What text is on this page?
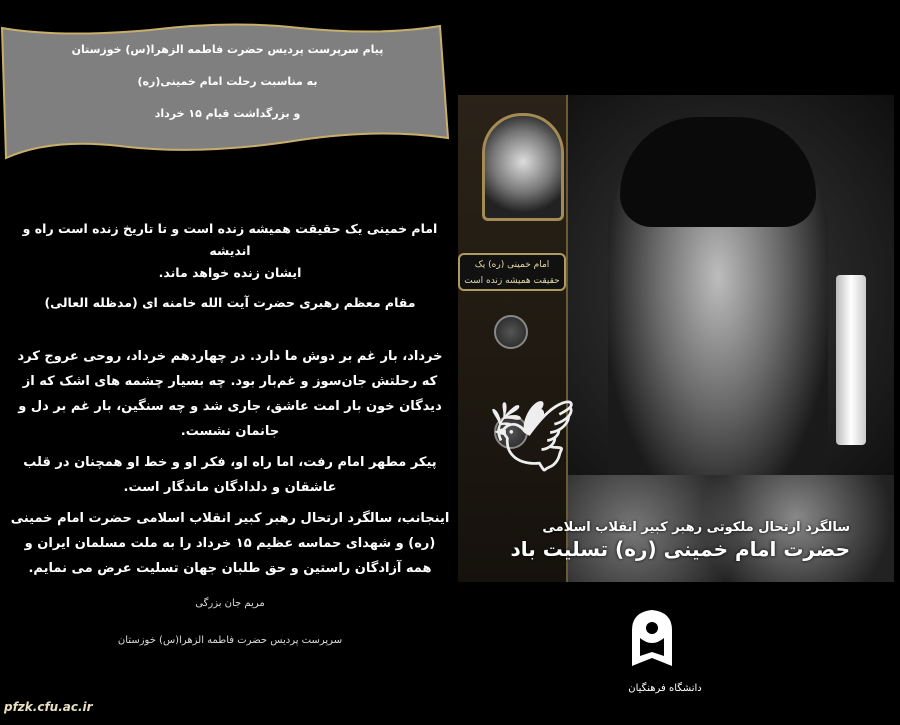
پیام سرپرست پردیس حضرت فاطمه الزهرا(س) خوزستان
به مناسبت رحلت امام خمینی(ره)
و بزرگداشت قیام ۱۵ خرداد
امام خمینی یک حقیقت همیشه زنده است و تا تاریخ زنده است راه و اندیشه
ایشان زنده خواهد ماند.
مقام معظم رهبری حضرت آیت الله خامنه ای (مدظله العالی)

خرداد، بار غم بر دوش ما دارد. در چهاردهم خرداد، روحی عروج کرد که رحلتش جان‌سوز و غم‌بار بود. چه بسیار چشمه های اشک که از دیدگان خون بار امت عاشق، جاری شد و چه سنگین، بار غم بر دل و جانمان نشست.

پیکر مطهر امام رفت، اما راه او، فکر او و خط او همچنان در قلب عاشقان و دلدادگان ماندگار است.

اینجانب، سالگرد ارتحال رهبر کبیر انقلاب اسلامی حضرت امام خمینی (ره) و شهدای حماسه عظیم ۱۵ خرداد را به ملت مسلمان ایران و همه آزادگان راستین و حق طلبان جهان تسلیت عرض می نمایم.

مریم جان بزرگی

سرپرست پردیس حضرت فاطمه الزهرا(س) خوزستان

امام خمینی (ره) یک
حقیقت همیشه زنده است
🕊
سالگرد ارتحال ملکوتی رهبر کبیر انقلاب اسلامی
حضرت امام خمینی (ره) تسلیت باد
دانشگاه فرهنگیان
pfzk.cfu.ac.ir
